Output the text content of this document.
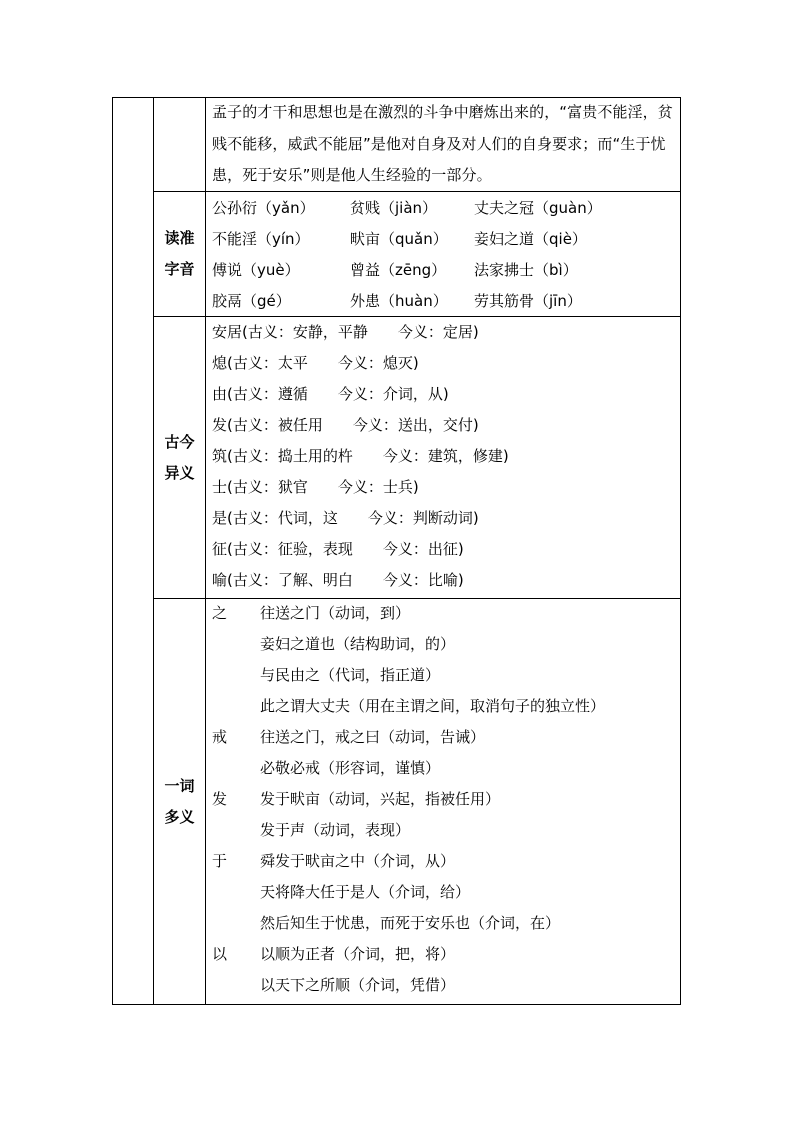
孟子的才干和思想也是在激烈的斗争中磨炼出来的，“富贵不能淫，贫贱不能移，威武不能屈”是他对自身及对人们的自身要求；而“生于忧患，死于安乐”则是他人生经验的一部分。
读准
字音
公孙衍（yǎn） 贫贱（jiàn） 丈夫之冠（guàn）
不能淫（yín）	畎亩（quǎn） 妾妇之道（qiè）
傅说（yuè）	曾益（zēng） 法家拂士（bì）
胶鬲（gé）	外患（huàn） 劳其筋骨（jīn）
古今
异义
安居(古义：安静，平静　　今义：定居)
熄(古义：太平　　今义：熄灭)
由(古义：遵循　　今义：介词，从)
发(古义：被任用　　今义：送出，交付)
筑(古义：捣土用的杵　　今义：建筑，修建)
士(古义：狱官　　今义：士兵)
是(古义：代词，这　　今义：判断动词)
征(古义：征验，表现　　今义：出征)
喻(古义：了解、明白　　今义：比喻)
一词
多义
之 往送之门（动词，到）
妾妇之道也（结构助词，的）
与民由之（代词，指正道）
此之谓大丈夫（用在主谓之间，取消句子的独立性）
戒 往送之门，戒之曰（动词，告诫）
必敬必戒（形容词，谨慎）
发 发于畎亩（动词，兴起，指被任用）
发于声（动词，表现）
于 舜发于畎亩之中（介词，从）
天将降大任于是人（介词，给）
然后知生于忧患，而死于安乐也（介词，在）
以 以顺为正者（介词，把，将）
以天下之所顺（介词，凭借）
